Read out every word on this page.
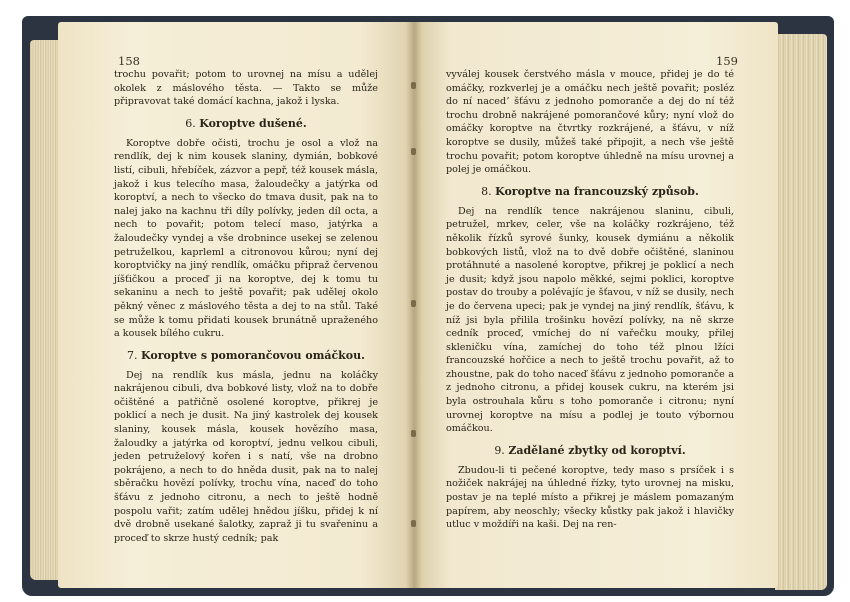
158

trochu povařit; potom to urovnej na mísu a udělej okolek z máslového těsta. — Takto se může připravovat také domácí kachna, jakož i lyska.

6. Koroptve dušené.

Koroptve dobře očisti, trochu je osol a vlož na rendlík, dej k nim kousek slaniny, dymián, bobkové listí, cibuli, hřebíček, zázvor a pepř, též kousek másla, jakož i kus telecího masa, žaloudečky a jatýrka od koroptví, a nech to všecko do tmava dusit, pak na to nalej jako na kachnu tři díly polívky, jeden díl octa, a nech to povařit; potom telecí maso, jatýrka a žaloudečky vyndej a vše drobnince usekej se zelenou petruželkou, kaprleml a citronovou kůrou; nyní dej koroptvičky na jiný rendlík, omáčku připraž červenou jíšťičkou a proceď ji na koroptve, dej k tomu tu sekaninu a nech to ještě povařit; pak udělej okolo pěkný věnec z máslového těsta a dej to na stůl. Také se může k tomu přidati kousek brunátně upraženého a kousek bílého cukru.

7. Koroptve s pomorančovou omáčkou.

Dej na rendlík kus másla, jednu na koláčky nakrájenou cibuli, dva bobkové listy, vlož na to dobře očištěné a patřičně osolené koroptve, přikrej je poklicí a nech je dusit. Na jiný kastrolek dej kousek slaniny, kousek másla, kousek hovězího masa, žaloudky a jatýrka od koroptví, jednu velkou cibuli, jeden petruželový kořen i s natí, vše na drobno pokrájeno, a nech to do hněda dusit, pak na to nalej sběračku hovězí polívky, trochu vína, naceď do toho šťávu z jednoho citronu, a nech to ještě hodně pospolu vařit; zatím udělej hnědou jíšku, přidej k ní dvě drobně usekané šalotky, zapraž ji tu svařeninu a proceď to skrze hustý cedník; pak

159

vyválej kousek čerstvého másla v mouce, přidej je do té omáčky, rozkverlej je a omáčku nech ještě povařit; posléz do ní nacedʼ šťávu z jednoho pomoranče a dej do ní též trochu drobně nakrájené pomorančové kůry; nyní vlož do omáčky koroptve na čtvrtky rozkrájené, a šťávu, v níž koroptve se dusily, můžeš také připojit, a nech vše ještě trochu povařit; potom koroptve úhledně na mísu urovnej a polej je omáčkou.

8. Koroptve na francouzský způsob.

Dej na rendlík tence nakrájenou slaninu, cibuli, petružel, mrkev, celer, vše na koláčky rozkrájeno, též několik řízků syrové šunky, kousek dymiánu a několik bobkových listů, vlož na to dvě dobře očištěné, slaninou protáhnuté a nasolené koroptve, přikrej je poklicí a nech je dusit; když jsou napolo měkké, sejmi poklici, koroptve postav do trouby a polévajíc je šťavou, v níž se dusily, nech je do červena upeci; pak je vyndej na jiný rendlík, šťávu, k níž jsi byla přilila trošinku hovězí polívky, na ně skrze cedník proceď, vmíchej do ní vařečku mouky, přilej skleničku vína, zamíchej do toho též plnou lžíci francouzské hořčice a nech to ještě trochu povařit, až to zhoustne, pak do toho naceď šťávu z jednoho pomoranče a z jednoho citronu, a přidej kousek cukru, na kterém jsi byla ostrouhala kůru s toho pomoranče i citronu; nyní urovnej koroptve na mísu a podlej je touto výbornou omáčkou.

9. Zadělané zbytky od koroptví.

Zbudou-li ti pečené koroptve, tedy maso s prsíček i s nožiček nakrájej na úhledné řízky, tyto urovnej na misku, postav je na teplé místo a přikrej je máslem pomazaným papírem, aby neoschly; všecky kůstky pak jakož i hlavičky utluc v moždíři na kaši. Dej na ren-
